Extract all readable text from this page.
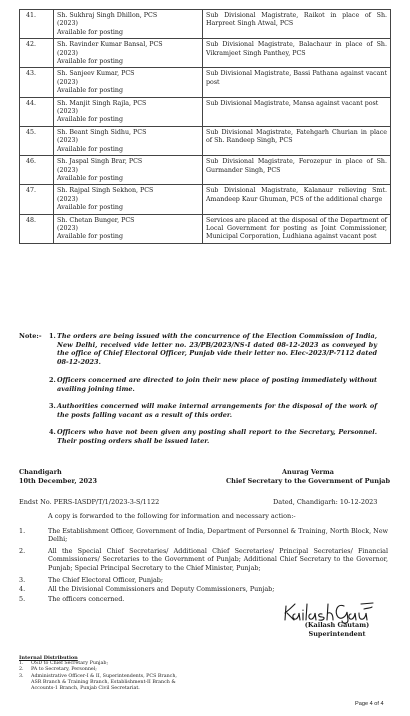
41.	Sh. Sukhraj Singh Dhillon, PCS
(2023)
Available for posting	Sub Divisional Magistrate, Raikot in place of Sh. Harpreet Singh Atwal, PCS
42.	Sh. Ravinder Kumar Bansal, PCS
(2023)
Available for posting	Sub Divisional Magistrate, Balachaur in place of Sh. Vikramjeet Singh Panthey, PCS
43.	Sh. Sanjeev Kumar, PCS
(2023)
Available for posting	Sub Divisional Magistrate, Bassi Pathana against vacant post
44.	Sh. Manjit Singh Rajla, PCS
(2023)
Available for posting	Sub Divisional Magistrate, Mansa against vacant post
45.	Sh. Beant Singh Sidhu, PCS
(2023)
Available for posting	Sub Divisional Magistrate, Fatehgarh Churian in place of Sh. Randeep Singh, PCS
46.	Sh. Jaspal Singh Brar, PCS
(2023)
Available for posting	Sub Divisional Magistrate, Ferozepur in place of Sh. Gurmander Singh, PCS
47.	Sh. Rajpal Singh Sekhon, PCS
(2023)
Available for posting	Sub Divisional Magistrate, Kalanaur relieving Smt. Amandeep Kaur Ghuman, PCS of the additional charge
48.	Sh. Chetan Bunger, PCS
(2023)
Available for posting	Services are placed at the disposal of the Department of Local Government for posting as Joint Commissioner, Municipal Corporation, Ludhiana against vacant post
Note:- 1. The orders are being issued with the concurrence of the Election Commission of India, New Delhi, received vide letter no. 23/PB/2023/NS-I dated 08-12-2023 as conveyed by the office of Chief Electoral Officer, Punjab vide their letter no. Elec-2023/P-7112 dated 08-12-2023.
2. Officers concerned are directed to join their new place of posting immediately without availing joining time.
3. Authorities concerned will make internal arrangements for the disposal of the work of the posts falling vacant as a result of this order.
4. Officers who have not been given any posting shall report to the Secretary, Personnel. Their posting orders shall be issued later.
Chandigarh
10th December, 2023
Anurag Verma
Chief Secretary to the Government of Punjab
Endst No. PERS-IASDP/T/1/2023-3-S/1122	Dated, Chandigarh: 10-12-2023
A copy is forwarded to the following for information and necessary action:-
1.	The Establishment Officer, Government of India, Department of Personnel & Training, North Block, New Delhi;
2.	All the Special Chief Secretaries/ Additional Chief Secretaries/ Principal Secretaries/ Financial Commissioners/ Secretaries to the Government of Punjab; Additional Chief Secretary to the Governor, Punjab; Special Principal Secretary to the Chief Minister, Punjab;
3.	The Chief Electoral Officer, Punjab;
4.	All the Divisional Commissioners and Deputy Commissioners, Punjab;
5.	The officers concerned.
(Kailash Gautam)
Superintendent
Internal Distribution
1. OSD to Chief Secretary Punjab;
2. PA to Secretary, Personnel;
3. Administrative Officer-I & II, Superintendents, PCS Branch,
ASR Branch & Training Branch, Establishment-II Branch &
Accounts-1 Branch, Punjab Civil Secretariat.
Page 4 of 4
